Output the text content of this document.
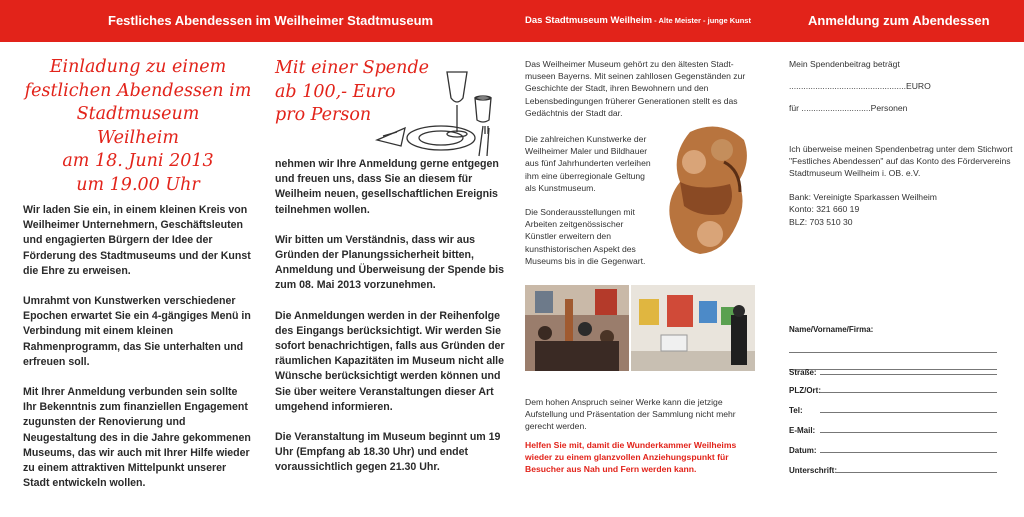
Festliches Abendessen im Weilheimer Stadtmuseum	Das Stadtmuseum Weilheim - Alte Meister - junge Kunst	Anmeldung zum Abendessen
Einladung zu einem
festlichen Abendessen im
Stadtmuseum
Weilheim
am 18. Juni 2013
um 19.00 Uhr

Wir laden Sie ein, in einem kleinen Kreis von Weilheimer Unternehmern, Geschäftsleuten und engagierten Bürgern der Idee der Förderung des Stadtmuseums und der Kunst die Ehre zu erweisen.

Umrahmt von Kunstwerken verschiedener Epochen erwartet Sie ein 4-gängiges Menü in Verbindung mit einem kleinen Rahmenprogramm, das Sie unterhalten und erfreuen soll.

Mit Ihrer Anmeldung verbunden sein sollte Ihr Bekenntnis zum finanziellen Engagement zugunsten der Renovierung und Neugestaltung des in die Jahre gekommenen Museums, das wir auch mit Ihrer Hilfe wieder zu einem attraktiven Mittelpunkt unserer Stadt entwickeln wollen.

Mit einer Spende
ab 100,- Euro
pro Person

nehmen wir Ihre Anmeldung gerne entgegen und freuen uns, dass Sie an diesem für Weilheim neuen, gesellschaftlichen Ereignis teilnehmen wollen.

Wir bitten um Verständnis, dass wir aus Gründen der Planungssicherheit bitten, Anmeldung und Überweisung der Spende bis zum 08. Mai 2013 vorzunehmen.

Die Anmeldungen werden in der Reihenfolge des Eingangs berücksichtigt. Wir werden Sie sofort benachrichtigen, falls aus Gründen der räumlichen Kapazitäten im Museum nicht alle Wünsche berücksichtigt werden können und Sie über weitere Veranstaltungen dieser Art umgehend informieren.

Die Veranstaltung im Museum beginnt um 19 Uhr (Empfang ab 18.30 Uhr) und endet voraussichtlich gegen 21.30 Uhr.

Das Weilheimer Museum gehört zu den ältesten Stadt-museen Bayerns. Mit seinen zahllosen Gegenständen zur Geschichte der Stadt, ihren Bewohnern und den Lebensbedingungen früherer Generationen stellt es das Gedächtnis der Stadt dar.

Die zahlreichen Kunstwerke der Weilheimer Maler und Bildhauer aus fünf Jahrhunderten verleihen ihm eine überregionale Geltung als Kunstmuseum.

Die Sonderausstellungen mit Arbeiten zeitgenössischer Künstler erweitern den kunsthistorischen Aspekt des Museums bis in die Gegenwart.

Dem hohen Anspruch seiner Werke kann die jetzige Aufstellung und Präsentation der Sammlung nicht mehr gerecht werden.

Helfen Sie mit, damit die Wunderkammer Weilheims wieder zu einem glanzvollen Anziehungspunkt für Besucher aus Nah und Fern werden kann.

Mein Spendenbeitrag beträgt
.................................................EURO
für .............................Personen
Ich überweise meinen Spendenbetrag unter dem Stichwort "Festliches Abendessen" auf das Konto des Fördervereins Stadtmuseum Weilheim i. OB. e.V.
Bank: Vereinigte Sparkassen Weilheim
Konto: 321 660 19
BLZ: 703 510 30
Name/Vorname/Firma:
Straße:
PLZ/Ort:
Tel:
E-Mail:
Datum:
Unterschrift:
